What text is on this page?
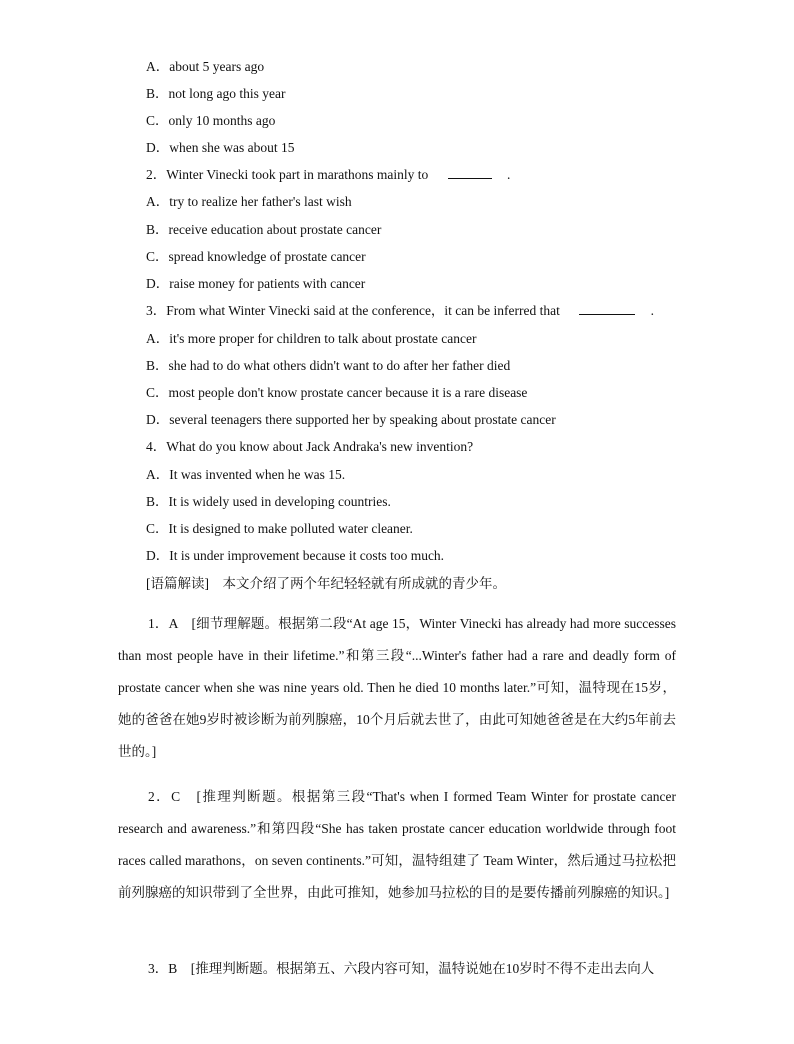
A．about 5 years ago
B．not long ago this year
C．only 10 months ago
D．when she was about 15
2．Winter Vinecki took part in marathons mainly to	.
A．try to realize her father's last wish
B．receive education about prostate cancer
C．spread knowledge of prostate cancer
D．raise money for patients with cancer
3．From what Winter Vinecki said at the conference，it can be inferred that	.
A．it's more proper for children to talk about prostate cancer
B．she had to do what others didn't want to do after her father died
C．most people don't know prostate cancer because it is a rare disease
D．several teenagers there supported her by speaking about prostate cancer
4．What do you know about Jack Andraka's new invention?
A．It was invented when he was 15.
B．It is widely used in developing countries.
C．It is designed to make polluted water cleaner.
D．It is under improvement because it costs too much.
[语篇解读]　本文介绍了两个年纪轻轻就有所成就的青少年。
1．A　[细节理解题。根据第二段“At age 15，Winter Vinecki has already had more successes than most people have in their lifetime.”和第三段“...Winter's father had a rare and deadly form of prostate cancer when she was nine years old. Then he died 10 months later.”可知，温特现在15岁，她的爸爸在她9岁时被诊断为前列腺癌，10个月后就去世了，由此可知她爸爸是在大约5年前去世的。]
2．C　[推理判断题。根据第三段“That's when I formed Team Winter for prostate cancer research and awareness.”和第四段“She has taken prostate cancer education worldwide through foot races called marathons，on seven continents.”可知，温特组建了 Team Winter，然后通过马拉松把前列腺癌的知识带到了全世界，由此可推知，她参加马拉松的目的是要传播前列腺癌的知识。]
3．B　[推理判断题。根据第五、六段内容可知，温特说她在10岁时不得不走出去向人
